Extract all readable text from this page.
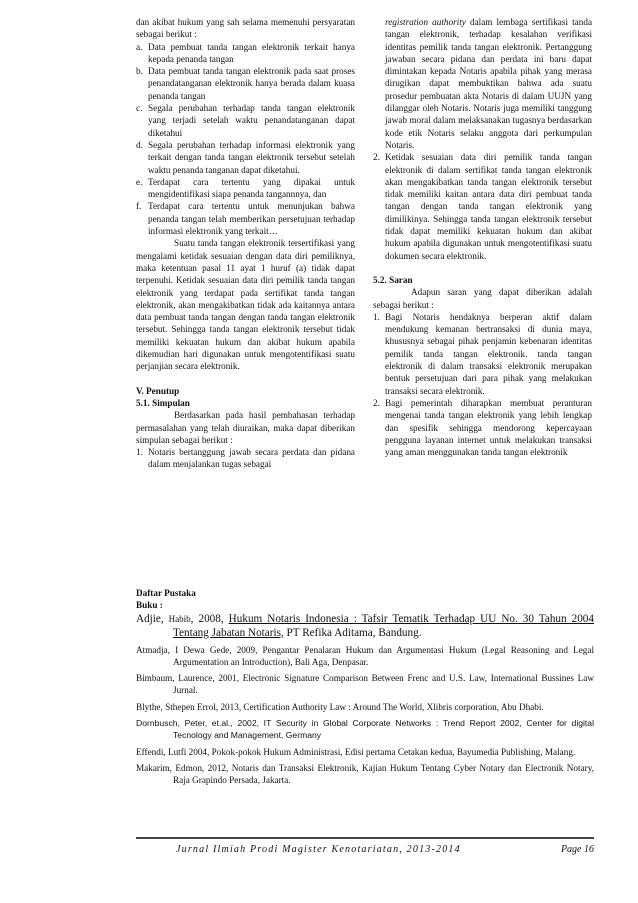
dan akibat hukum yang sah selama memenuhi persyaratan sebagai berikut :

a. Data pembuat tanda tangan elektronik terkait hanya kepada penanda tangan
b. Data pembuat tanda tangan elektronik pada saat proses penandatanganan elektronik hanya berada dalam kuasa penanda tangan
c. Segala perubahan terhadap tanda tangan elektronik yang terjadi setelah waktu penandatanganan dapat diketahui
d. Segala perubahan terhadap informasi elektronik yang terkait dengan tanda tangan elektronik tersebut setelah waktu penanda tanganan dapat diketahui.
e. Terdapat cara tertentu yang dipakai untuk mengidentifikasi siapa penanda tangannnya, dan
f. Terdapat cara tertentu untuk menunjukan bahwa penanda tangan telah memberikan persetujuan terhadap informasi elektronik yang terkait…

Suatu tanda tangan elektronik tersertifikasi yang mengalami ketidak sesuaian dengan data diri pemiliknya, maka ketentuan pasal 11 ayat 1 huruf (a) tidak dapat terpenuhi. Ketidak sesuaian data diri pemilik tanda tangan elektronik yang terdapat pada sertifikat tanda tangan elektronik, akan mengakibatkan tidak ada kaitannya antara data pembuat tanda tangan dengan tanda tangan elektronik tersebut. Sehingga tanda tangan elektronik tersebut tidak memiliki kekuatan hukum dan akibat hukum apabila dikemudian hari digunakan untuk mengotentifikasi suatu perjanjian secara elektronik.

V. Penutup

5.1. Simpulan

Berdasarkan pada hasil pembahasan terhadap permasalahan yang telah diuraikan, maka dapat diberikan simpulan sebagai berikut :

1. Notaris bertanggung jawab secara perdata dan pidana dalam menjalankan tugas sebagai
registration authority dalam lembaga sertifikasi tanda tangan elektronik, terhadap kesalahan verifikasi identitas pemilik tanda tangan elektronik. Pertanggung jawaban secara pidana dan perdata ini baru dapat dimintakan kepada Notaris apabila pihak yang merasa dirugikan dapat membuktikan bahwa ada suatu prosedur pembuatan akta Notaris di dalam UUJN yang dilanggar oleh Notaris. Notaris juga memiliki tanggung jawab moral dalam melaksanakan tugasnya berdasarkan kode etik Notaris selaku anggota dari perkumpulan Notaris.
2. Ketidak sesuaian data diri pemilik tanda tangan elektronik di dalam sertifikat tanda tangan elektronik akan mengakibatkan tanda tangan elektronik tersebut tidak memiliki kaitan antara data diri pembuat tanda tangan dengan tanda tangan elektronik yang dimilikinya. Sehingga tanda tangan elektronik tersebut tidak dapat memiliki kekuatan hukum dan akibat hukum apabila digunakan untuk mengotentifikasi suatu dokumen secara elektronik.

5.2. Saran

Adapun saran yang dapat diberikan adalah sebagai berikut :

1. Bagi Notaris hendaknya berperan aktif dalam mendukung kemanan bertransaksi di dunia maya, khususnya sebagai pihak penjamin kebenaran identitas pemilik tanda tangan elektronik. tanda tangan elektronik di dalam transaksi elektronik merupakan bentuk persetujuan dari para pihak yang melakukan transaksi secara elektronik.
2. Bagi pemerintah diharapkan membuat peranturan mengenai tanda tangan elektronik yang lebih lengkap dan spesifik sehingga mendorong kepercayaan pengguna layanan internet untuk melakukan transaksi yang aman menggunakan tanda tangan elektronik

Daftar Pustaka

Buku :

Adjie, Habib, 2008, Hukum Notaris Indonesia : Tafsir Tematik Terhadap UU No. 30 Tahun 2004 Tentang Jabatan Notaris, PT Refika Aditama, Bandung.

Atmadja, I Dewa Gede, 2009, Pengantar Penalaran Hukum dan Argumentasi Hukum (Legal Reasoning and Legal Argumentation an Introduction), Bali Aga, Denpasar.

Bimbaum, Laurence, 2001, Electronic Signature Comparison Between Frenc and U.S. Law, International Bussines Law Jurnal.

Blythe, Sthepen Errol, 2013, Certification Authority Law : Around The World, Xlibris corporation, Abu Dhabi.

Dornbusch, Peter, et.al., 2002, IT Security in Global Corporate Networks : Trend Report 2002, Center for digital Tecnology and Management, Germany

Effendi, Lutfi 2004, Pokok-pokok Hukum Administrasi, Edisi pertama Cetakan kedua, Bayumedia Publishing, Malang.

Makarim, Edmon, 2012, Notaris dan Transaksi Elektronik, Kajian Hukum Tentang Cyber Notary dan Electronik Notary, Raja Grapindo Persada, Jakarta.

Jurnal Ilmiah Prodi Magister Kenotariatan, 2013-2014	Page 16
